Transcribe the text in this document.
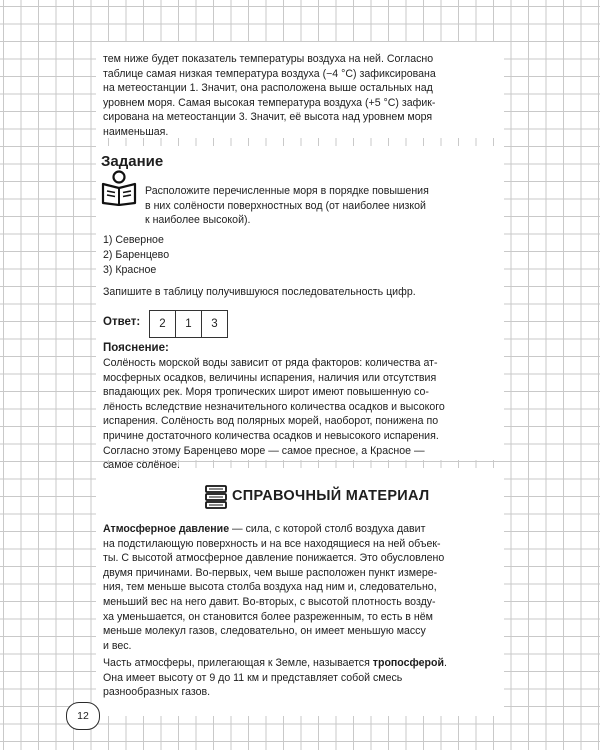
тем ниже будет показатель температуры воздуха на ней. Согласно

таблице самая низкая температура воздуха (−4 °С) зафиксирована

на метеостанции 1. Значит, она расположена выше остальных над

уровнем моря. Самая высокая температура воздуха (+5 °С) зафик-

сирована на метеостанции 3. Значит, её высота над уровнем моря

наименьшая.

Задание

Расположите перечисленные моря в порядке повышения

в них солёности поверхностных вод (от наиболее низкой

к наиболее высокой).

1) Северное
2) Баренцево
3) Красное

Запишите в таблицу получившуюся последовательность цифр.

Ответ:	2	1	3
Пояснение:

Солёность морской воды зависит от ряда факторов: количества ат-

мосферных осадков, величины испарения, наличия или отсутствия

впадающих рек. Моря тропических широт имеют повышенную со-

лёность вследствие незначительного количества осадков и высокого

испарения. Солёность вод полярных морей, наоборот, понижена по

причине достаточного количества осадков и невысокого испарения.

Согласно этому Баренцево море — самое пресное, а Красное —

самое солёное.

СПРАВОЧНЫЙ МАТЕРИАЛ

Атмосферное давление — сила, с которой столб воздуха давит

на подстилающую поверхность и на все находящиеся на ней объек-

ты. С высотой атмосферное давление понижается. Это обусловлено

двумя причинами. Во-первых, чем выше расположен пункт измере-

ния, тем меньше высота столба воздуха над ним и, следовательно,

меньший вес на него давит. Во-вторых, с высотой плотность возду-

ха уменьшается, он становится более разреженным, то есть в нём

меньше молекул газов, следовательно, он имеет меньшую массу

и вес.

Часть атмосферы, прилегающая к Земле, называется тропосферой.

Она имеет высоту от 9 до 11 км и представляет собой смесь

разнообразных газов.

12
